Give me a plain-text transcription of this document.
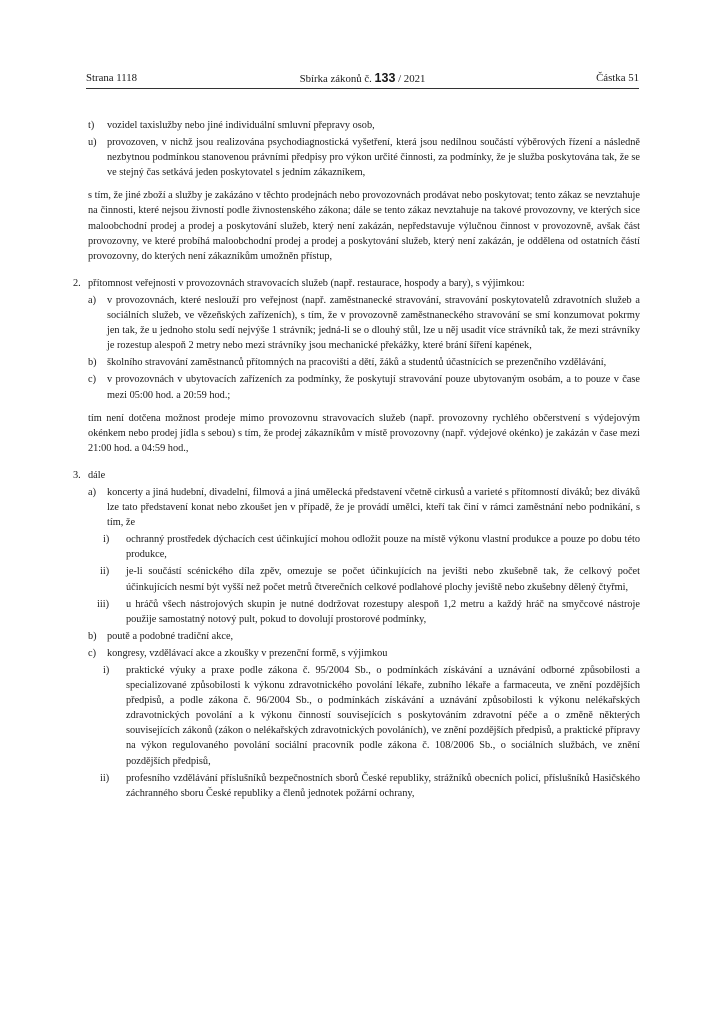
Strana 1118	Sbírka zákonů č. 133 / 2021	Částka 51
t) vozidel taxislužby nebo jiné individuální smluvní přepravy osob,
u) provozoven, v nichž jsou realizována psychodiagnostická vyšetření, která jsou nedílnou součástí výběrových řízení a následně nezbytnou podmínkou stanovenou právními předpisy pro výkon určité činnosti, za podmínky, že je služba poskytována tak, že se ve stejný čas setkává jeden poskytovatel s jedním zákazníkem,
s tím, že jiné zboží a služby je zakázáno v těchto prodejnách nebo provozovnách prodávat nebo poskytovat; tento zákaz se nevztahuje na činnosti, které nejsou živností podle živnostenského zákona; dále se tento zákaz nevztahuje na takové provozovny, ve kterých sice maloobchodní prodej a prodej a poskytování služeb, který není zakázán, nepředstavuje výlučnou činnost v provozovně, avšak část provozovny, ve které probíhá maloobchodní prodej a prodej a poskytování služeb, který není zakázán, je oddělena od ostatních částí provozovny, do kterých není zákazníkům umožněn přístup,
2. přítomnost veřejnosti v provozovnách stravovacích služeb (např. restaurace, hospody a bary), s výjimkou:
a) v provozovnách, které neslouží pro veřejnost (např. zaměstnanecké stravování, stravování poskytovatelů zdravotních služeb a sociálních služeb, ve vězeňských zařízeních), s tím, že v provozovně zaměstnaneckého stravování se smí konzumovat pokrmy jen tak, že u jednoho stolu sedí nejvýše 1 strávník; jedná-li se o dlouhý stůl, lze u něj usadit více strávníků tak, že mezi strávníky je rozestup alespoň 2 metry nebo mezi strávníky jsou mechanické překážky, které brání šíření kapének,
b) školního stravování zaměstnanců přítomných na pracovišti a dětí, žáků a studentů účastnících se prezenčního vzdělávání,
c) v provozovnách v ubytovacích zařízeních za podmínky, že poskytují stravování pouze ubytovaným osobám, a to pouze v čase mezi 05:00 hod. a 20:59 hod.;
tím není dotčena možnost prodeje mimo provozovnu stravovacích služeb (např. provozovny rychlého občerstvení s výdejovým okénkem nebo prodej jídla s sebou) s tím, že prodej zákazníkům v místě provozovny (např. výdejové okénko) je zakázán v čase mezi 21:00 hod. a 04:59 hod.,
3. dále
a) koncerty a jiná hudební, divadelní, filmová a jiná umělecká představení včetně cirkusů a varieté s přítomností diváků; bez diváků lze tato představení konat nebo zkoušet jen v případě, že je provádí umělci, kteří tak činí v rámci zaměstnání nebo podnikání, s tím, že
i) ochranný prostředek dýchacích cest účinkující mohou odložit pouze na místě výkonu vlastní produkce a pouze po dobu této produkce,
ii) je-li součástí scénického díla zpěv, omezuje se počet účinkujících na jevišti nebo zkušebně tak, že celkový počet účinkujících nesmí být vyšší než počet metrů čtverečních celkové podlahové plochy jeviště nebo zkušebny dělený čtyřmi,
iii) u hráčů všech nástrojových skupin je nutné dodržovat rozestupy alespoň 1,2 metru a každý hráč na smyčcové nástroje použije samostatný notový pult, pokud to dovolují prostorové podmínky,
b) poutě a podobné tradiční akce,
c) kongresy, vzdělávací akce a zkoušky v prezenční formě, s výjimkou
i) praktické výuky a praxe podle zákona č. 95/2004 Sb., o podmínkách získávání a uznávání odborné způsobilosti a specializované způsobilosti k výkonu zdravotnického povolání lékaře, zubního lékaře a farmaceuta, ve znění pozdějších předpisů, a podle zákona č. 96/2004 Sb., o podmínkách získávání a uznávání způsobilosti k výkonu nelékařských zdravotnických povolání a k výkonu činností souvisejících s poskytováním zdravotní péče a o změně některých souvisejících zákonů (zákon o nelékařských zdravotnických povoláních), ve znění pozdějších předpisů, a praktické přípravy na výkon regulovaného povolání sociální pracovník podle zákona č. 108/2006 Sb., o sociálních službách, ve znění pozdějších předpisů,
ii) profesního vzdělávání příslušníků bezpečnostních sborů České republiky, strážníků obecních policí, příslušníků Hasičského záchranného sboru České republiky a členů jednotek požární ochrany,
